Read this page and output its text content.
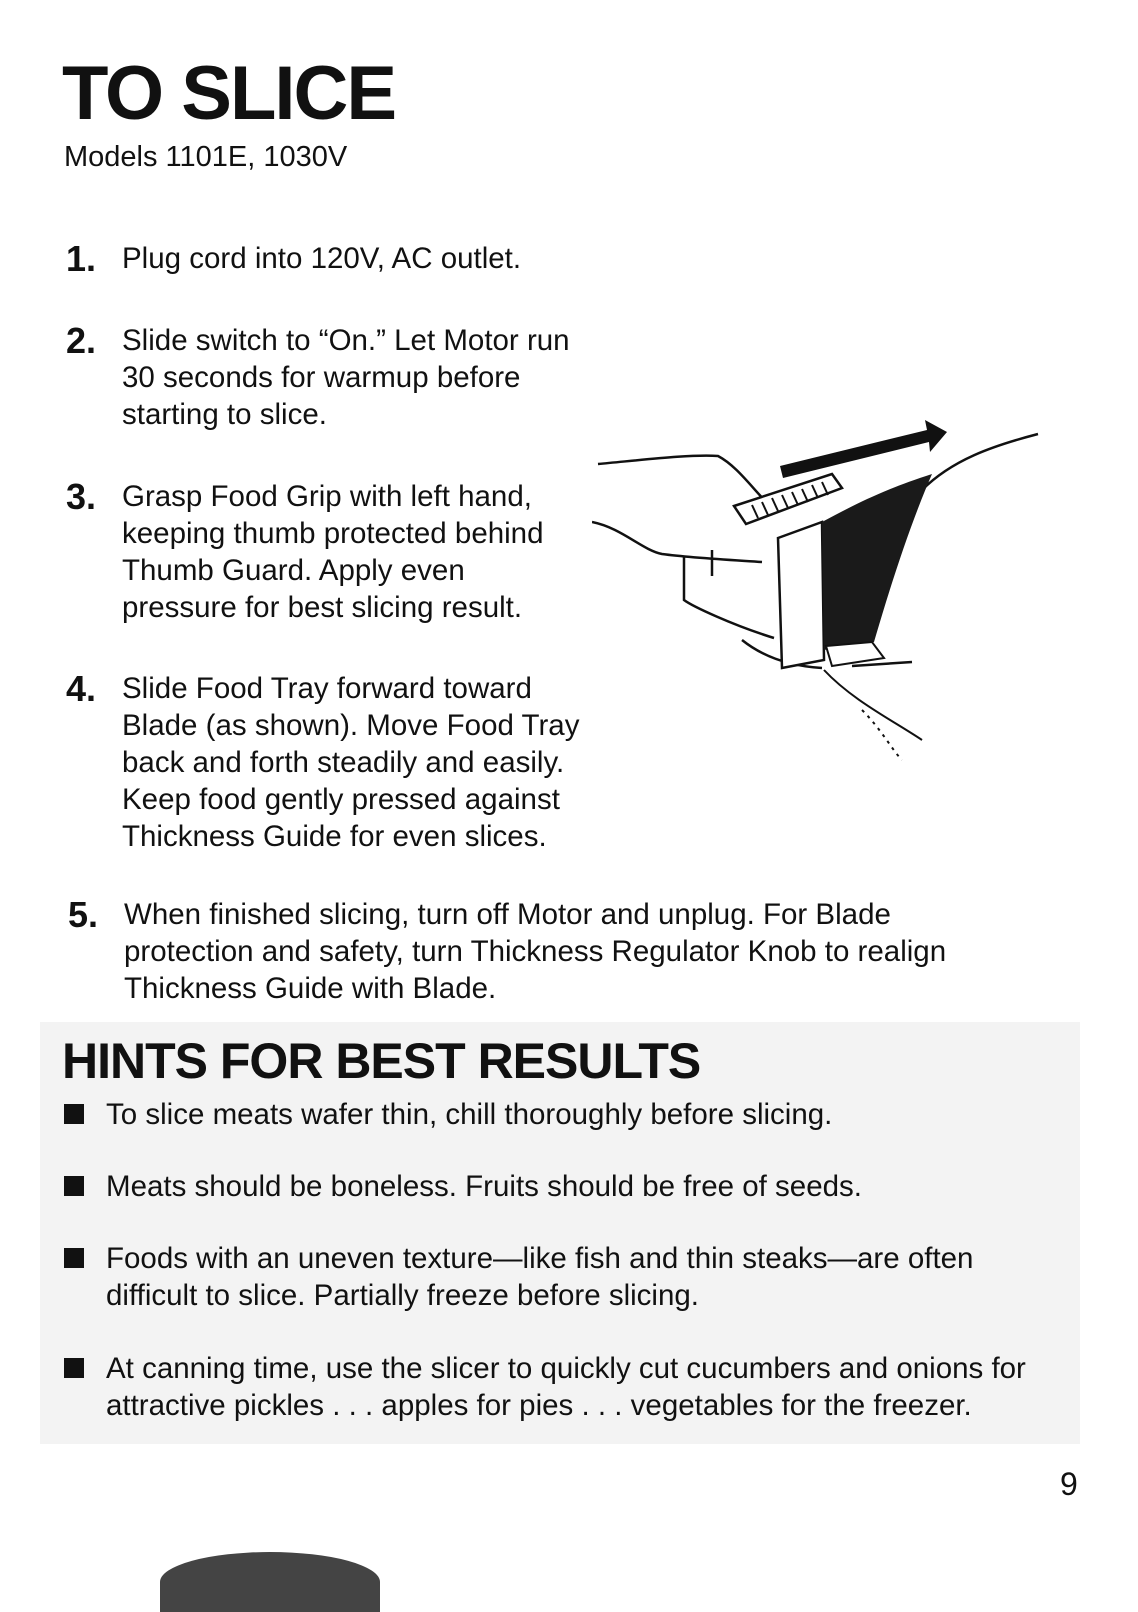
TO SLICE
Models 1101E, 1030V
1. Plug cord into 120V, AC outlet.
2. Slide switch to “On.” Let Motor run
30 seconds for warmup before
starting to slice.
3. Grasp Food Grip with left hand,
keeping thumb protected behind
Thumb Guard. Apply even
pressure for best slicing result.
4. Slide Food Tray forward toward
Blade (as shown). Move Food Tray
back and forth steadily and easily.
Keep food gently pressed against
Thickness Guide for even slices.
5. When finished slicing, turn off Motor and unplug. For Blade
protection and safety, turn Thickness Regulator Knob to realign
Thickness Guide with Blade.
HINTS FOR BEST RESULTS
To slice meats wafer thin, chill thoroughly before slicing.
Meats should be boneless. Fruits should be free of seeds.
Foods with an uneven texture—like fish and thin steaks—are often
difficult to slice. Partially freeze before slicing.
At canning time, use the slicer to quickly cut cucumbers and onions for
attractive pickles . . . apples for pies . . . vegetables for the freezer.
9
